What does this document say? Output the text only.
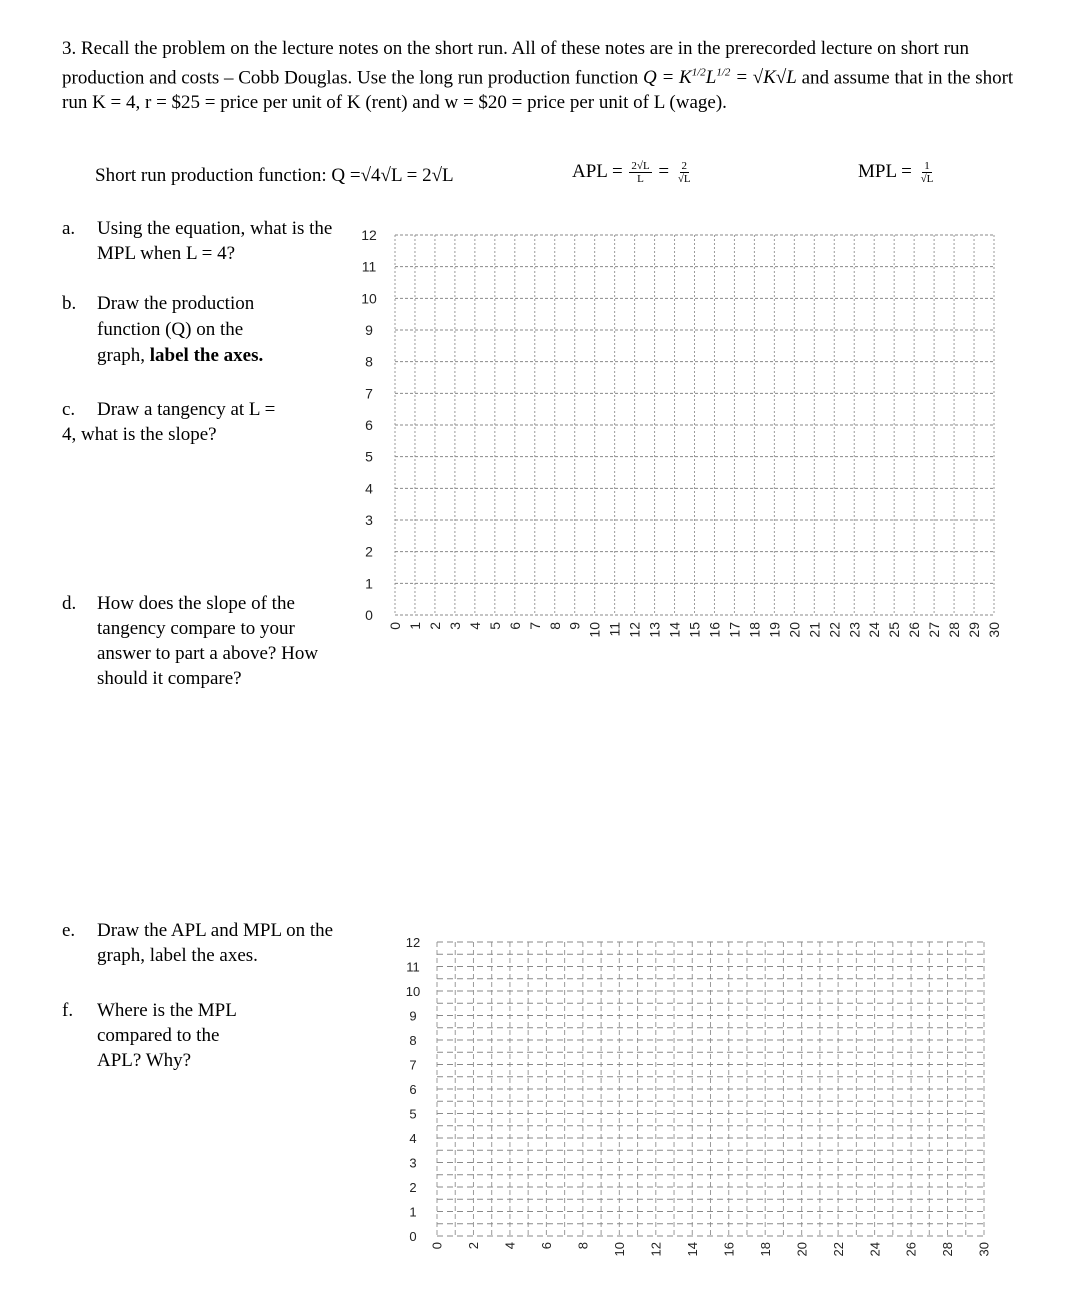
3. Recall the problem on the lecture notes on the short run. All of these notes are in the prerecorded lecture on short run production and costs – Cobb Douglas. Use the long run production function $Q = K^{1/2}L^{1/2} = √K√L$ and assume that in the short run K = 4, r = $25 = price per unit of K (rent) and w = $20 = price per unit of L (wage).

Short run production function: Q =√4√L = 2√L	APL = $\frac{2√L}{L} = \frac{2}{√L}$	MPL = $\frac{1}{√L}$
a. Using the equation, what is the MPL when L = 4?
b. Draw the production function (Q) on the graph, label the axes.
c.	Draw a tangency at L = 4, what is the slope?
d. How does the slope of the tangency compare to your answer to part a above? How should it compare?
e. Draw the APL and MPL on the graph, label the axes.
f. Where is the MPL compared to the APL? Why?
0
1
2
3
4
5
6
7
8
9
10
11
12
0 1 2 3 4 5 6 7 8 9 10 11 12 13 14 15 16 17 18 19 20 21 22 23 24 25 26 27 28 29 30
0
1
2
3
4
5
6
7
8
9
10
11
12
0 2 4 6 8 10 12 14 16 18 20 22 24 26 28 30
